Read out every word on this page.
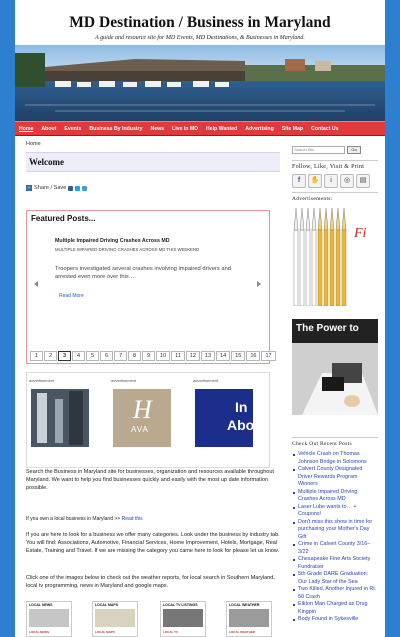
MD Destination / Business in Maryland
A guide and resource site for MD Events, MD Destinations, & Businesses in Maryland.
Home	About	Events	Business By Industry	News	Live in MD	Help Wanted	Advertising	Site Map	Contact Us
Home
Welcome
+ Share / Save
Featured Posts...
Multiple Impaired Driving Crashes Across MD
MULTIPLE IMPAIRED DRIVING CRASHES ACROSS MD THIS WEEKEND
Troopers investigated several crashes involving impaired drivers and arrested even more over this …
Read More
1	2	3	4	5	6	7	8	9	10	11	12	13	14	15	16	17
advertisement	advertisement
H
AVA
advertisement
In
Abo
Search the Business in Maryland site for businesses, organization and resources available throughout Maryland. We want to help you find businesses quickly and easily with the most up date information possible.
If you own a local business in Maryland >> Read this
If you are here to look for a business we offer many categories. Look under the business by industry tab. You will find: Associations, Automotive, Financial Services, Home Improvement, Hotels, Mortgage, Real Estate, Training and Travel. If we are missing the category you came here to look for please let us know.
Click one of the images below to check out the weather reports, for local search in Southern Maryland, local tv programming, news in Maryland and google maps.
LOCAL NEWS
LOCAL NEWS
LOCAL MAPS
LOCAL MAPS
LOCAL TV LISTINGS
LOCAL TV
LOCAL WEATHER
LOCAL WEATHER
Search this	Go
Follow, Like, Visit & Print
f	✋	i	◎	▤
Advertisements:
Fi
The Power to
Check Out Recent Posts
Vehicle Crash on Thomas Johnson Bridge in Solomons
Calvert County Designated Driver Rewards Program Winners
Multiple Impaired Driving Crashes Across MD
Laser Lube wants to… + Coupons!
Don't miss this show in time for purchasing your Mother's Day Gift
Crime in Calvert County 3/16–3/22
Chesapeake Fine Arts Society Fundraiser
5th Grade DARE Graduation: Our Lady Star of the Sea
Two Killed, Another Injured in Rt. 50 Crash
Elkton Man Charged as Drug Kingpin
Body Found in Sykesville
